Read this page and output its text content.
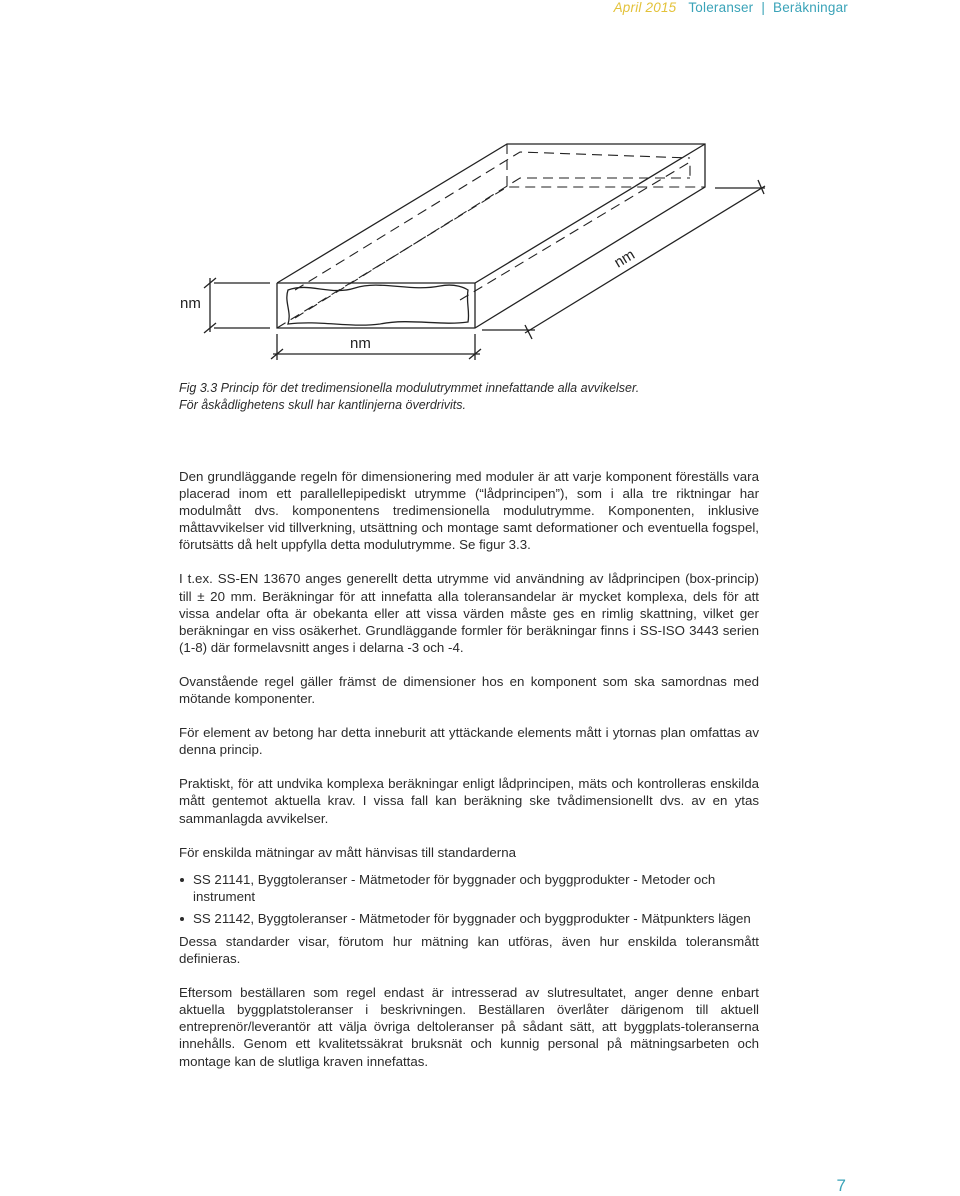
April 2015 Toleranser | Beräkningar
nm
nm
nm
Fig 3.3 Princip för det tredimensionella modulutrymmet innefattande alla avvikelser.
För åskådlighetens skull har kantlinjerna överdrivits.

Den grundläggande regeln för dimensionering med moduler är att varje komponent föreställs vara placerad inom ett parallellepipediskt utrymme (“lådprincipen”), som i alla tre riktningar har modulmått dvs. komponentens tredimensionella modulutrymme. Komponenten, inklusive måttavvikelser vid tillverkning, utsättning och montage samt deformationer och eventuella fogspel, förutsätts då helt uppfylla detta modulutrymme. Se figur 3.3.

I t.ex. SS-EN 13670 anges generellt detta utrymme vid användning av lådprincipen (box-princip) till ± 20 mm. Beräkningar för att innefatta alla toleransandelar är mycket komplexa, dels för att vissa andelar ofta är obekanta eller att vissa värden måste ges en rimlig skattning, vilket ger beräkningar en viss osäkerhet. Grundläggande formler för beräkningar finns i SS-ISO 3443 serien (1-8) där formelavsnitt anges i delarna -3 och -4.

Ovanstående regel gäller främst de dimensioner hos en komponent som ska samordnas med mötande komponenter.

För element av betong har detta inneburit att yttäckande elements mått i ytornas plan omfattas av denna princip.

Praktiskt, för att undvika komplexa beräkningar enligt lådprincipen, mäts och kontrolleras enskilda mått gentemot aktuella krav. I vissa fall kan beräkning ske tvådimensionellt dvs. av en ytas sammanlagda avvikelser.

För enskilda mätningar av mått hänvisas till standarderna

SS 21141, Byggtoleranser - Mätmetoder för byggnader och byggprodukter - Metoder och instrument
SS 21142, Byggtoleranser - Mätmetoder för byggnader och byggprodukter - Mätpunkters lägen

Dessa standarder visar, förutom hur mätning kan utföras, även hur enskilda toleransmått definieras.

Eftersom beställaren som regel endast är intresserad av slutresultatet, anger denne enbart aktuella byggplatstoleranser i beskrivningen. Beställaren överlåter därigenom till aktuell entreprenör/leverantör att välja övriga deltoleranser på sådant sätt, att byggplats-toleranserna innehålls. Genom ett kvalitetssäkrat bruksnät och kunnig personal på mätningsarbeten och montage kan de slutliga kraven innefattas.

7
